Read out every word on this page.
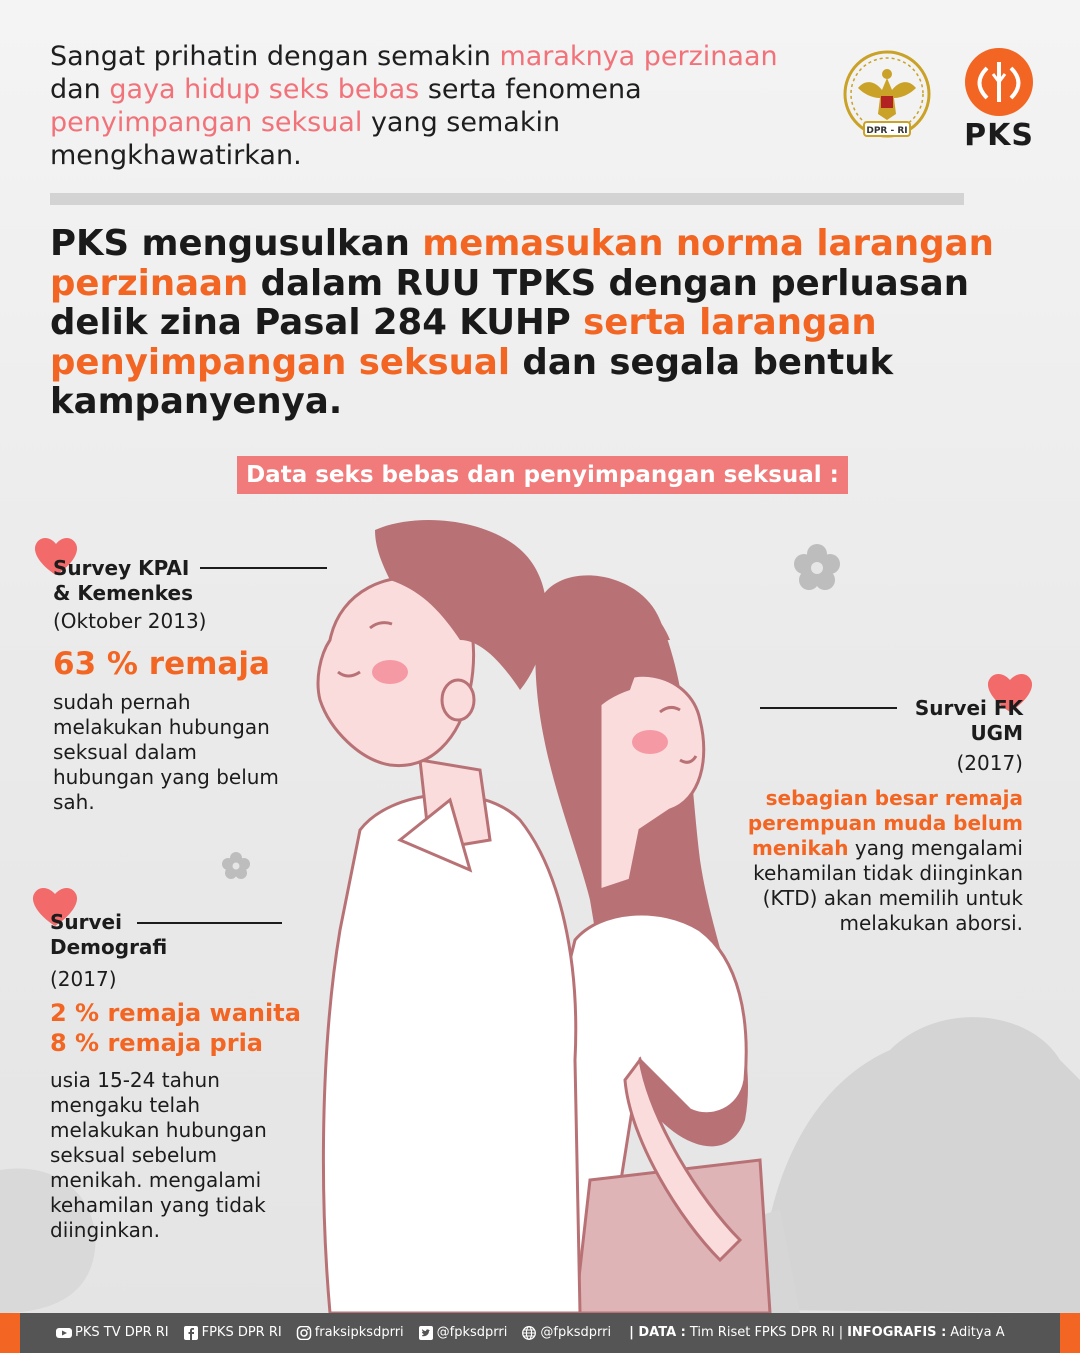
Sangat prihatin dengan semakin maraknya perzinaan dan gaya hidup seks bebas serta fenomena penyimpangan seksual yang semakin mengkhawatirkan.
DPR - RI PKS
PKS mengusulkan memasukan norma larangan perzinaan dalam RUU TPKS dengan perluasan delik zina Pasal 284 KUHP serta larangan penyimpangan seksual dan segala bentuk kampanyenya.
Data seks bebas dan penyimpangan seksual :
Survey KPAI
& Kemenkes
(Oktober 2013)
63 % remaja
sudah pernah melakukan hubungan seksual dalam hubungan yang belum sah.
Survei
Demografi
(2017)
2 % remaja wanita
8 % remaja pria
usia 15-24 tahun mengaku telah melakukan hubungan seksual sebelum menikah. mengalami kehamilan yang tidak diinginkan.
Survei FK
UGM
(2017)
sebagian besar remaja perempuan muda belum menikah yang mengalami kehamilan tidak diinginkan (KTD) akan memilih untuk melakukan aborsi.
PKS TV DPR RI	FPKS DPR RI	fraksipksdprri	@fpksdprri	@fpksdprri | DATA : Tim Riset FPKS DPR RI | INFOGRAFIS : Aditya A
